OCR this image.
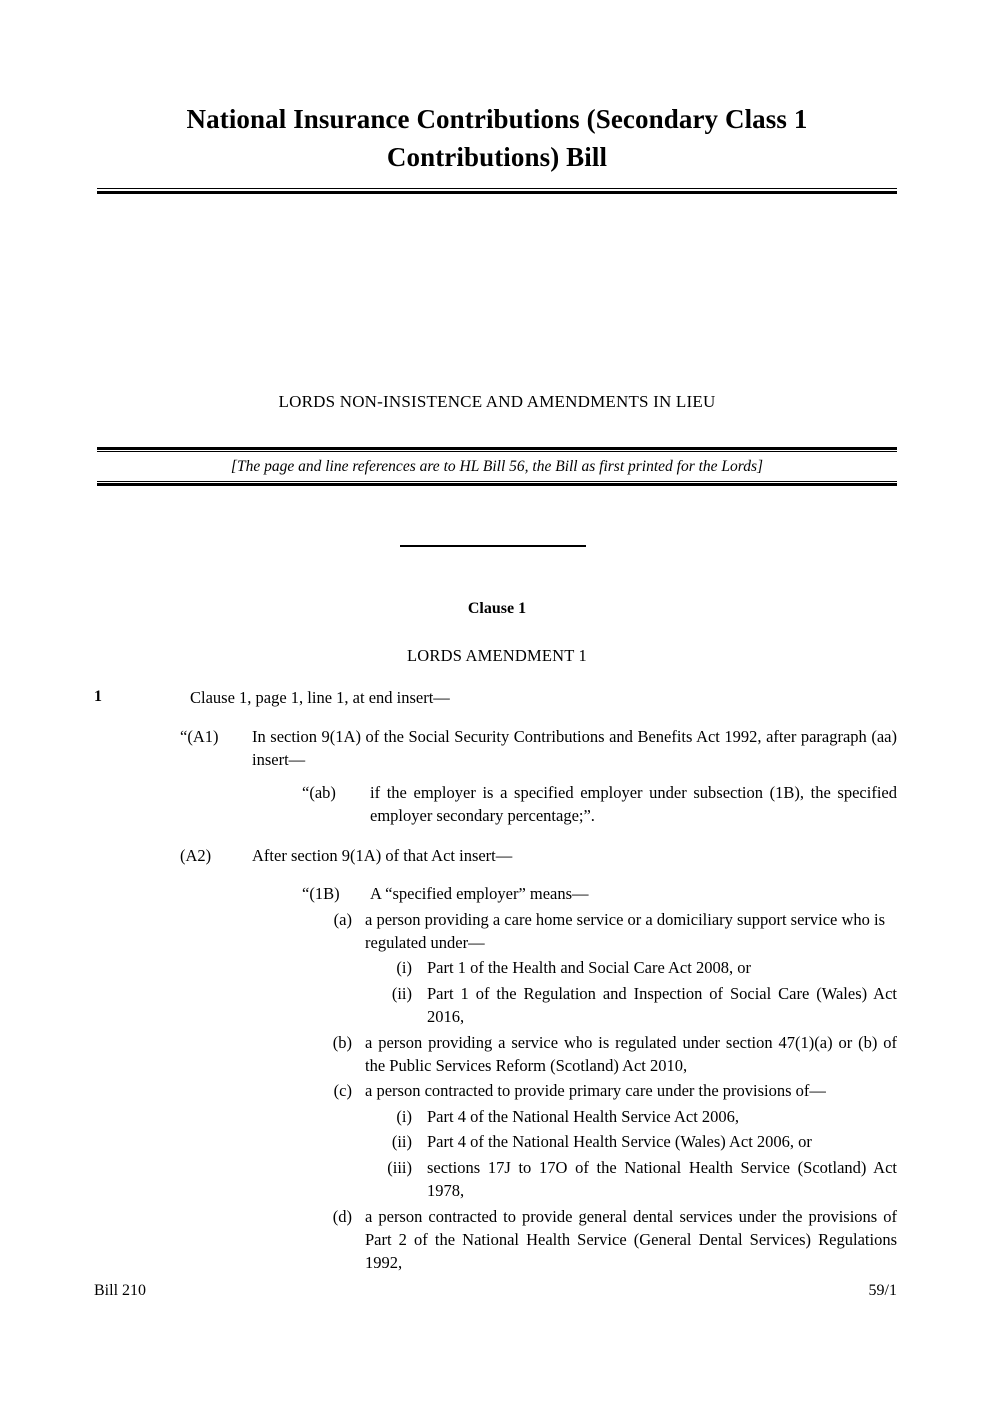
National Insurance Contributions (Secondary Class 1 Contributions) Bill
LORDS NON-INSISTENCE AND AMENDMENTS IN LIEU
[The page and line references are to HL Bill 56, the Bill as first printed for the Lords]
Clause 1
LORDS AMENDMENT 1
1	Clause 1, page 1, line 1, at end insert—
“(A1) In section 9(1A) of the Social Security Contributions and Benefits Act 1992, after paragraph (aa) insert—
“(ab) if the employer is a specified employer under subsection (1B), the specified employer secondary percentage;”.
(A2) After section 9(1A) of that Act insert—
“(1B) A “specified employer” means—
(a) a person providing a care home service or a domiciliary support service who is regulated under—
(i) Part 1 of the Health and Social Care Act 2008, or
(ii) Part 1 of the Regulation and Inspection of Social Care (Wales) Act 2016,
(b) a person providing a service who is regulated under section 47(1)(a) or (b) of the Public Services Reform (Scotland) Act 2010,
(c) a person contracted to provide primary care under the provisions of—
(i) Part 4 of the National Health Service Act 2006,
(ii) Part 4 of the National Health Service (Wales) Act 2006, or
(iii) sections 17J to 17O of the National Health Service (Scotland) Act 1978,
(d) a person contracted to provide general dental services under the provisions of Part 2 of the National Health Service (General Dental Services) Regulations 1992,
Bill 210	59/1
